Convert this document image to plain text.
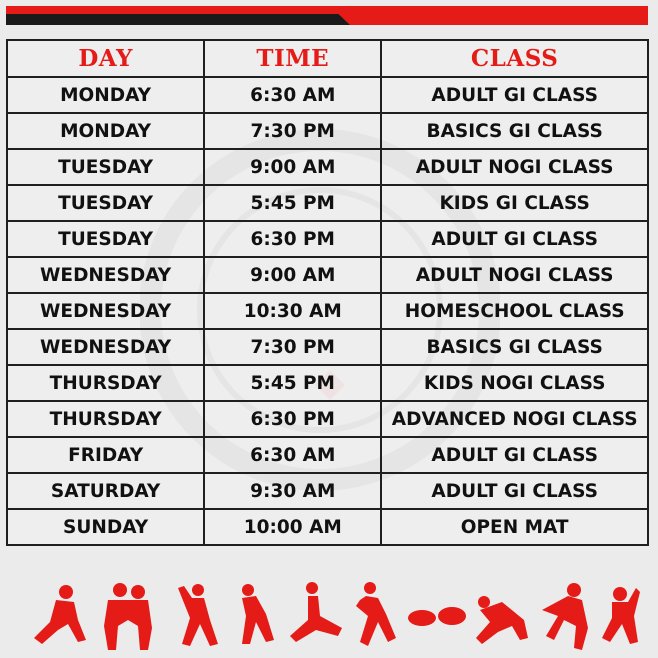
DAY	TIME	CLASS
MONDAY	6:30 AM	ADULT GI CLASS
MONDAY	7:30 PM	BASICS GI CLASS
TUESDAY	9:00 AM	ADULT NOGI CLASS
TUESDAY	5:45 PM	KIDS GI CLASS
TUESDAY	6:30 PM	ADULT GI CLASS
WEDNESDAY	9:00 AM	ADULT NOGI CLASS
WEDNESDAY	10:30 AM	HOMESCHOOL CLASS
WEDNESDAY	7:30 PM	BASICS GI CLASS
THURSDAY	5:45 PM	KIDS NOGI CLASS
THURSDAY	6:30 PM	ADVANCED NOGI CLASS
FRIDAY	6:30 AM	ADULT GI CLASS
SATURDAY	9:30 AM	ADULT GI CLASS
SUNDAY	10:00 AM	OPEN MAT
